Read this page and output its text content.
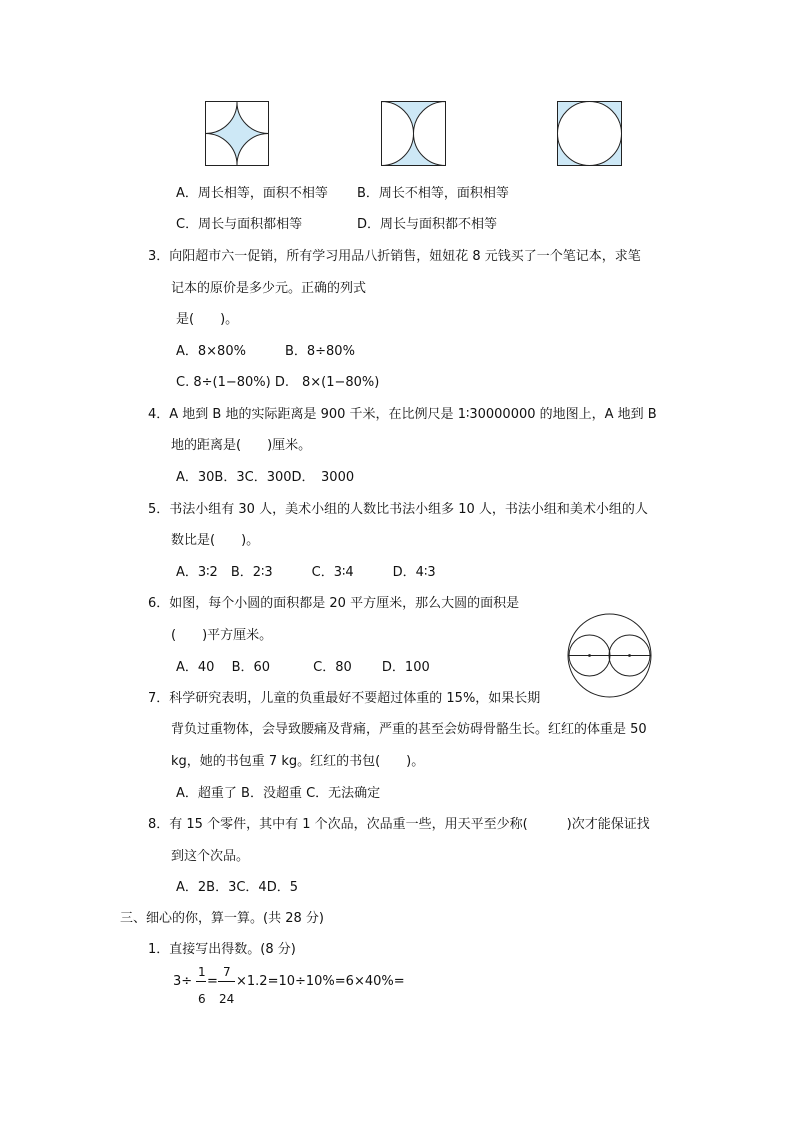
A．周长相等，面积不相等 B．周长不相等，面积相等
C．周长与面积都相等	D．周长与面积都不相等
3．向阳超市六一促销，所有学习用品八折销售，妞妞花 8 元钱买了一个笔记本，求笔
记本的原价是多少元。正确的列式
是(　　)。
A．8×80%　　　B．8÷80%
C. 8÷(1−80%) D.　8×(1−80%)
4．A 地到 B 地的实际距离是 900 千米，在比例尺是 1∶30000000 的地图上，A 地到 B
地的距离是(　　)厘米。
A．30B．3C．300D．　3000
5．书法小组有 30 人，美术小组的人数比书法小组多 10 人，书法小组和美术小组的人
数比是(　　)。
A．3∶2　B．2∶3　　　C．3∶4　　　D．4∶3
6．如图，每个小圆的面积都是 20 平方厘米，那么大圆的面积是
(　　)平方厘米。
A．40　 B．60　　　 C．80　　 D．100
7．科学研究表明，儿童的负重最好不要超过体重的 15%，如果长期
背负过重物体，会导致腰痛及背痛，严重的甚至会妨碍骨骼生长。红红的体重是 50
kg，她的书包重 7 kg。红红的书包(　　)。
A．超重了 B．没超重 C．无法确定
8．有 15 个零件，其中有 1 个次品，次品重一些，用天平至少称(　　　)次才能保证找
到这个次品。
A．2B．3C．4D．5
三、细心的你，算一算。(共 28 分)
1．直接写出得数。(8 分)
3÷
1
6
=
7
24
×1.2=10÷10%=6×40%=
